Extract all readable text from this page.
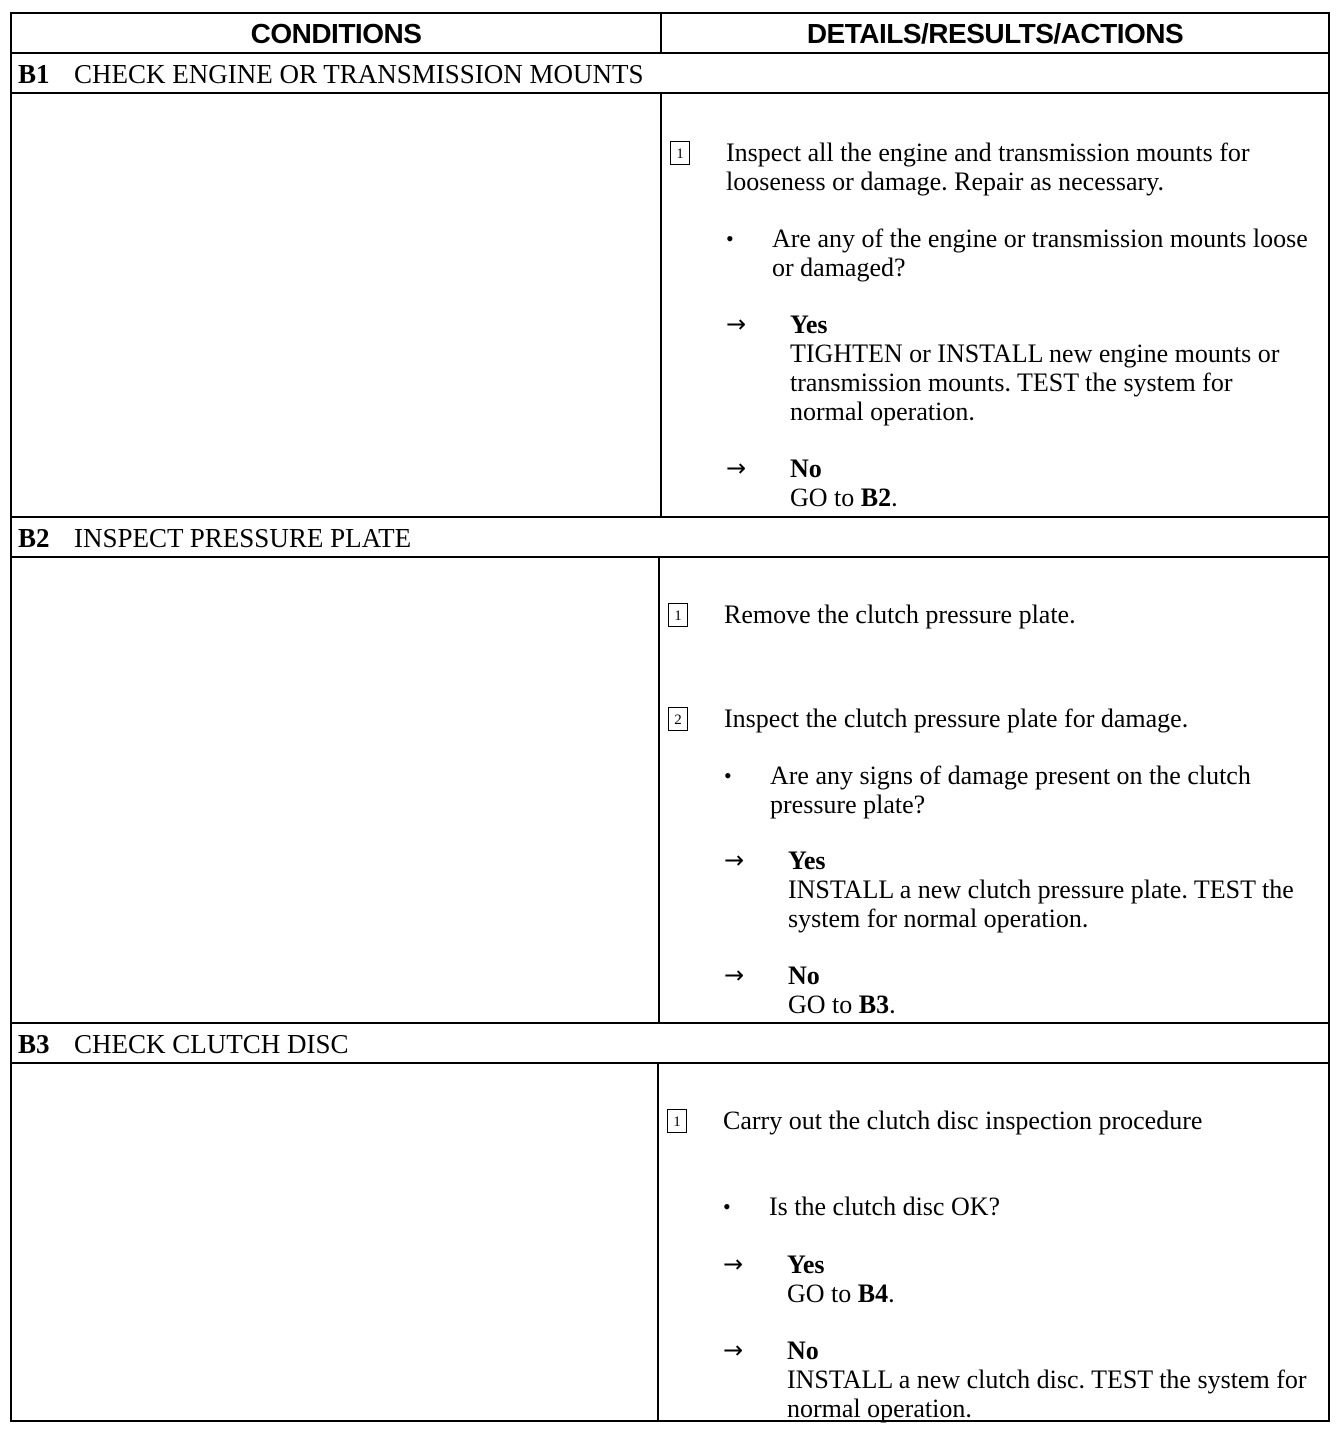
CONDITIONS	DETAILS/RESULTS/ACTIONS
B1 CHECK ENGINE OR TRANSMISSION MOUNTS
1 Inspect all the engine and transmission mounts for looseness or damage. Repair as necessary.
• Are any of the engine or transmission mounts loose or damaged?
→ Yes
TIGHTEN or INSTALL new engine mounts or transmission mounts. TEST the system for normal operation.
→ No
GO to B2.
B2 INSPECT PRESSURE PLATE
1 Remove the clutch pressure plate.
2 Inspect the clutch pressure plate for damage.
• Are any signs of damage present on the clutch pressure plate?
→ Yes
INSTALL a new clutch pressure plate. TEST the system for normal operation.
→ No
GO to B3.
B3 CHECK CLUTCH DISC
1 Carry out the clutch disc inspection procedure
• Is the clutch disc OK?
→ Yes
GO to B4.
→ No
INSTALL a new clutch disc. TEST the system for normal operation.
